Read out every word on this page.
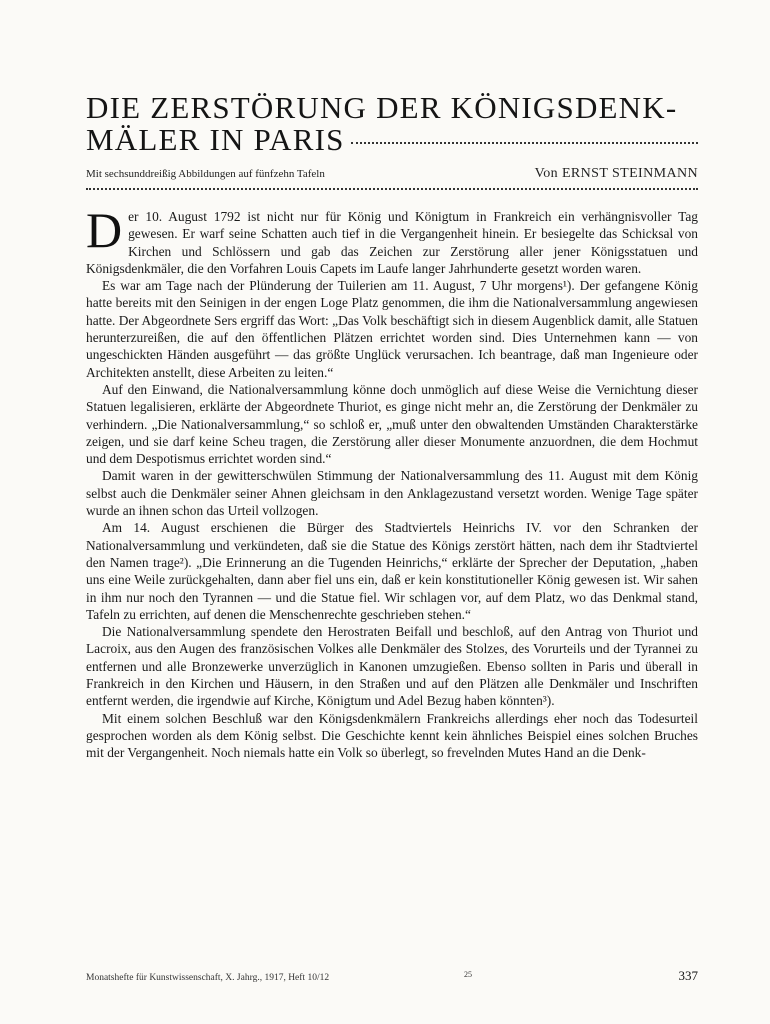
DIE ZERSTÖRUNG DER KÖNIGSDENK-
MÄLER IN PARIS
Mit sechsunddreißig Abbildungen auf fünfzehn Tafeln	Von ERNST STEINMANN

Der 10. August 1792 ist nicht nur für König und Königtum in Frankreich ein verhängnisvoller Tag gewesen. Er warf seine Schatten auch tief in die Vergangenheit hinein. Er besiegelte das Schicksal von Kirchen und Schlössern und gab das Zeichen zur Zerstörung aller jener Königsstatuen und Königsdenkmäler, die den Vorfahren Louis Capets im Laufe langer Jahrhunderte gesetzt worden waren.

Es war am Tage nach der Plünderung der Tuilerien am 11. August, 7 Uhr morgens¹). Der gefangene König hatte bereits mit den Seinigen in der engen Loge Platz genommen, die ihm die Nationalversammlung angewiesen hatte. Der Abgeordnete Sers ergriff das Wort: „Das Volk beschäftigt sich in diesem Augenblick damit, alle Statuen herunterzureißen, die auf den öffentlichen Plätzen errichtet worden sind. Dies Unternehmen kann — von ungeschickten Händen ausgeführt — das größte Unglück verursachen. Ich beantrage, daß man Ingenieure oder Architekten anstellt, diese Arbeiten zu leiten.“

Auf den Einwand, die Nationalversammlung könne doch unmöglich auf diese Weise die Vernichtung dieser Statuen legalisieren, erklärte der Abgeordnete Thuriot, es ginge nicht mehr an, die Zerstörung der Denkmäler zu verhindern. „Die Nationalversammlung,“ so schloß er, „muß unter den obwaltenden Umständen Charakterstärke zeigen, und sie darf keine Scheu tragen, die Zerstörung aller dieser Monumente anzuordnen, die dem Hochmut und dem Despotismus errichtet worden sind.“

Damit waren in der gewitterschwülen Stimmung der Nationalversammlung des 11. August mit dem König selbst auch die Denkmäler seiner Ahnen gleichsam in den Anklagezustand versetzt worden. Wenige Tage später wurde an ihnen schon das Urteil vollzogen.

Am 14. August erschienen die Bürger des Stadtviertels Heinrichs IV. vor den Schranken der Nationalversammlung und verkündeten, daß sie die Statue des Königs zerstört hätten, nach dem ihr Stadtviertel den Namen trage²). „Die Erinnerung an die Tugenden Heinrichs,“ erklärte der Sprecher der Deputation, „haben uns eine Weile zurückgehalten, dann aber fiel uns ein, daß er kein konstitutioneller König gewesen ist. Wir sahen in ihm nur noch den Tyrannen — und die Statue fiel. Wir schlagen vor, auf dem Platz, wo das Denkmal stand, Tafeln zu errichten, auf denen die Menschenrechte geschrieben stehen.“

Die Nationalversammlung spendete den Herostraten Beifall und beschloß, auf den Antrag von Thuriot und Lacroix, aus den Augen des französischen Volkes alle Denkmäler des Stolzes, des Vorurteils und der Tyrannei zu entfernen und alle Bronzewerke unverzüglich in Kanonen umzugießen. Ebenso sollten in Paris und überall in Frankreich in den Kirchen und Häusern, in den Straßen und auf den Plätzen alle Denkmäler und Inschriften entfernt werden, die irgendwie auf Kirche, Königtum und Adel Bezug haben könnten³).

Mit einem solchen Beschluß war den Königsdenkmälern Frankreichs allerdings eher noch das Todesurteil gesprochen worden als dem König selbst. Die Geschichte kennt kein ähnliches Beispiel eines solchen Bruches mit der Vergangenheit. Noch niemals hatte ein Volk so überlegt, so frevelnden Mutes Hand an die Denk-

Monatshefte für Kunstwissenschaft, X. Jahrg., 1917, Heft 10/12	25	337
